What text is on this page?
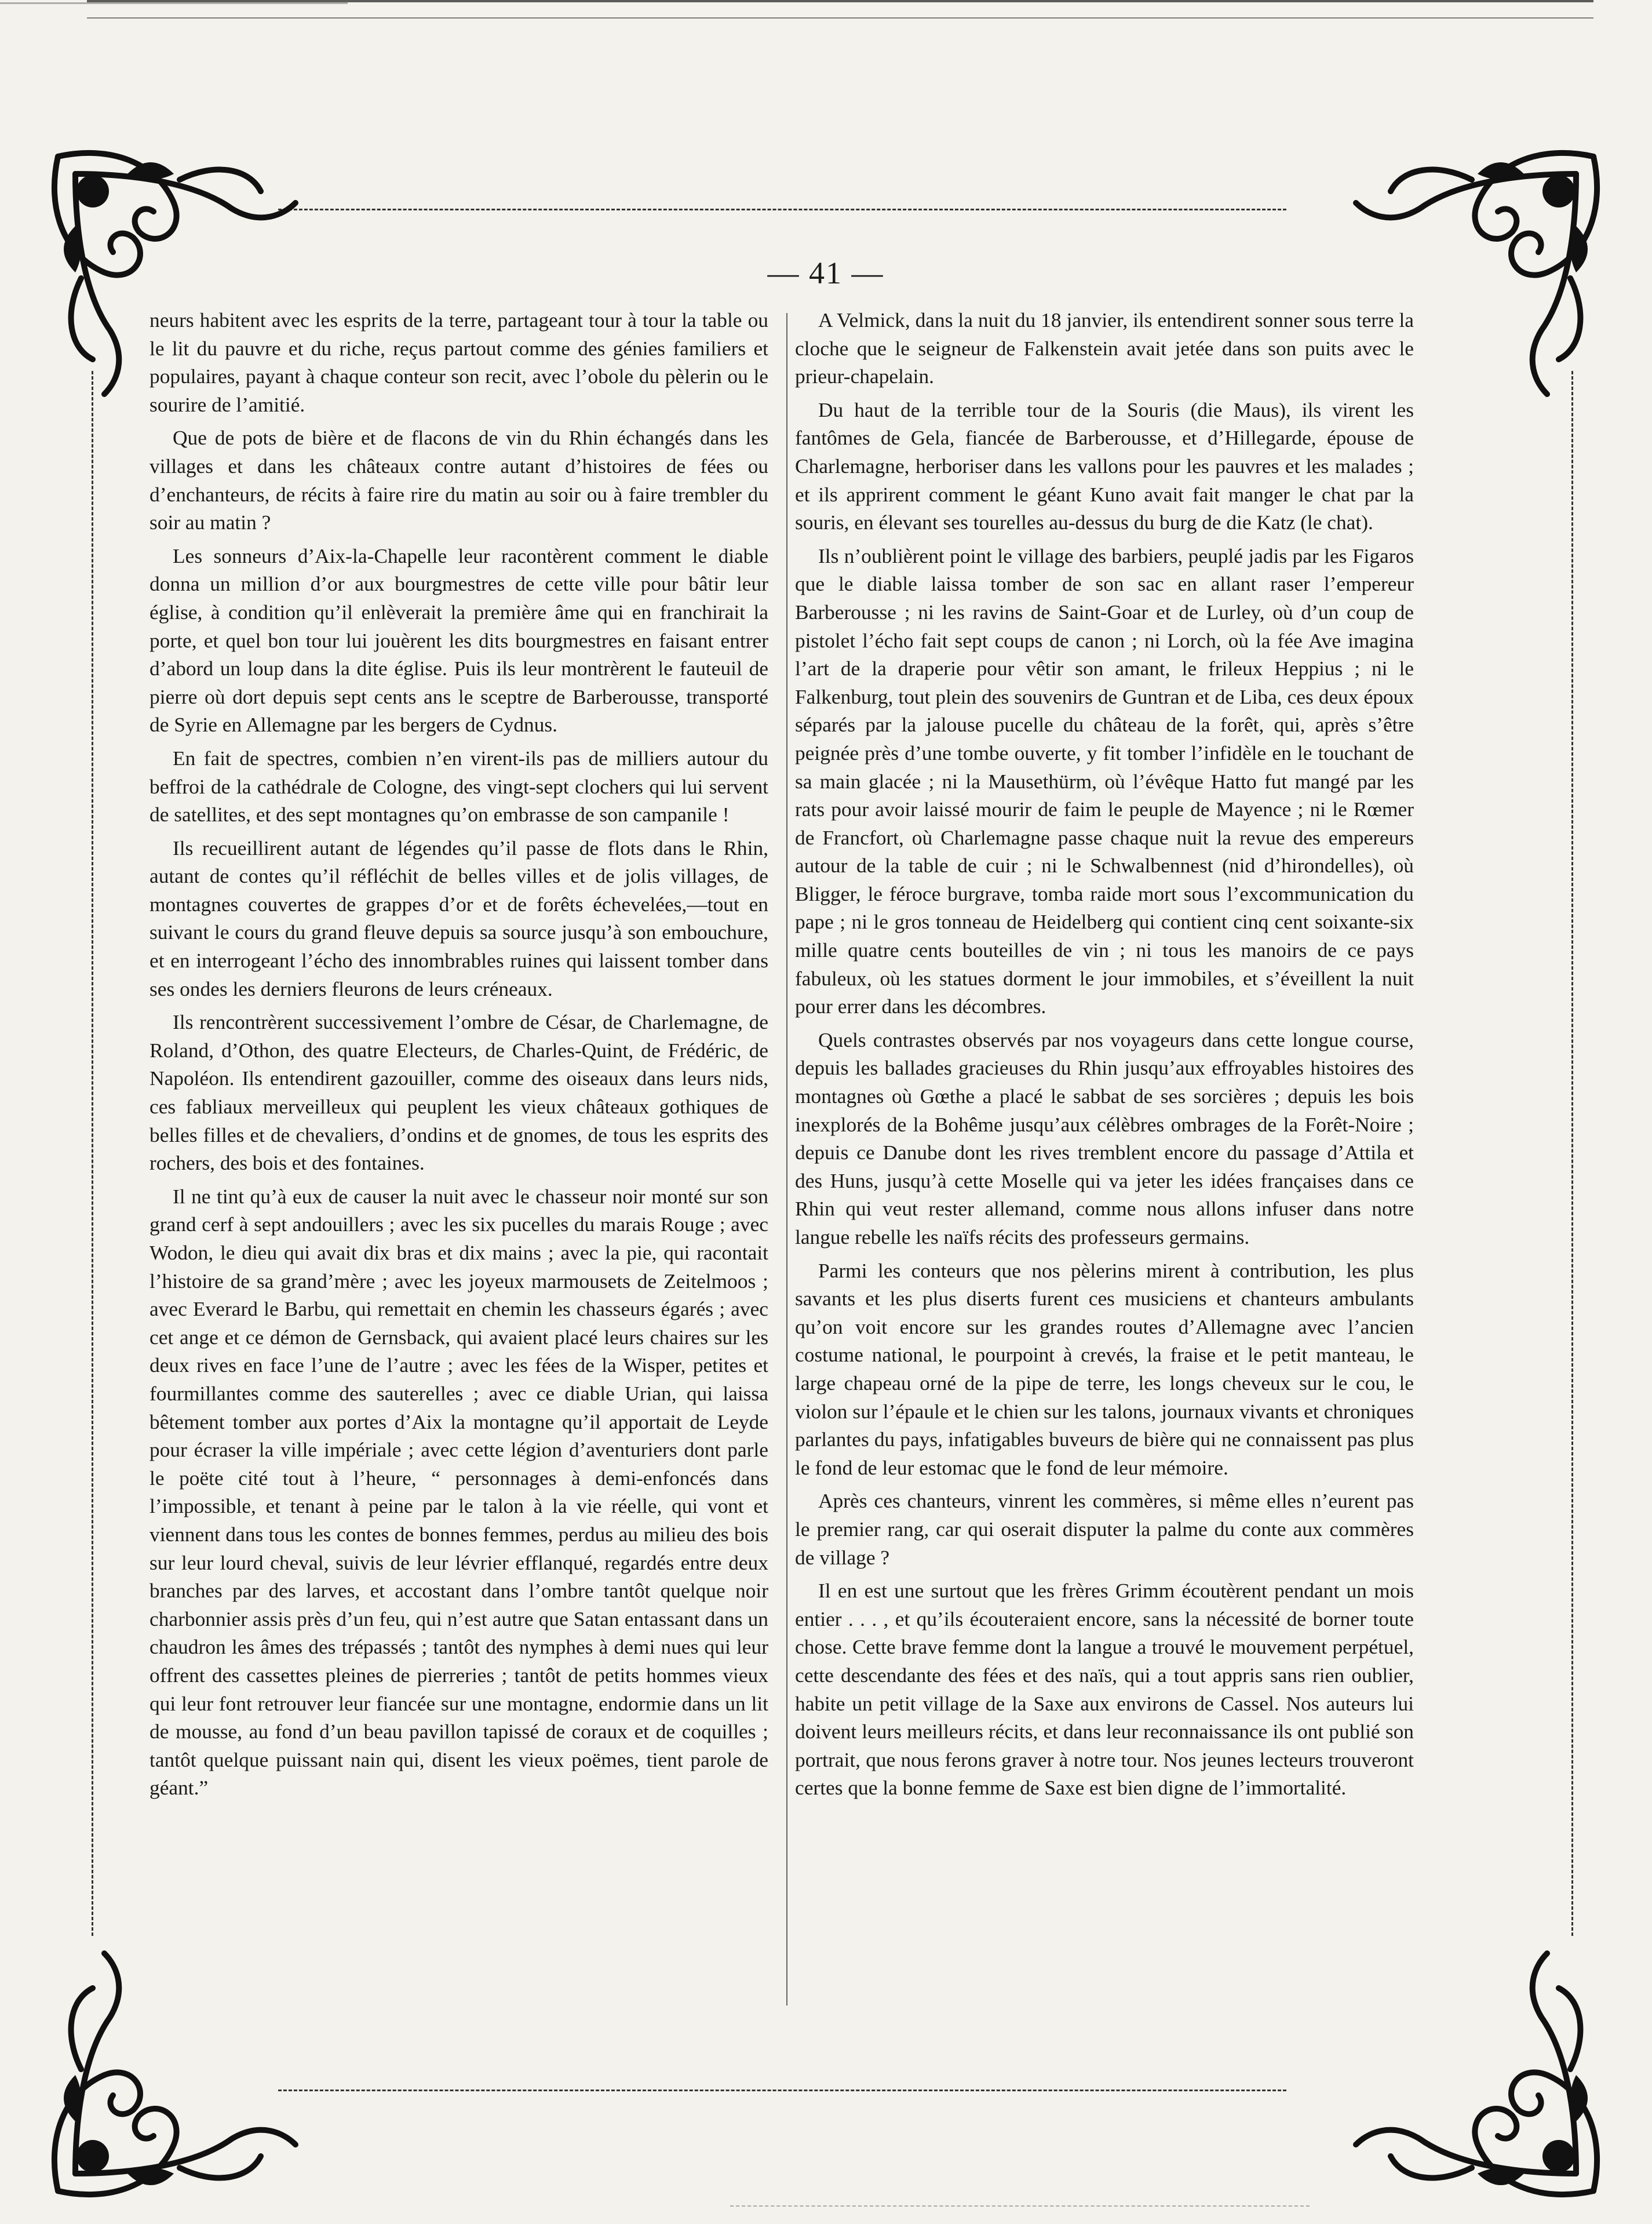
— 41 —

neurs habitent avec les esprits de la terre, partageant tour à tour la table ou le lit du pauvre et du riche, reçus partout comme des génies familiers et populaires, payant à chaque conteur son recit, avec l’obole du pèlerin ou le sourire de l’amitié.

Que de pots de bière et de flacons de vin du Rhin échangés dans les villages et dans les châteaux contre autant d’histoires de fées ou d’enchanteurs, de récits à faire rire du matin au soir ou à faire trembler du soir au matin ?

Les sonneurs d’Aix-la-Chapelle leur racontèrent comment le diable donna un million d’or aux bourgmestres de cette ville pour bâtir leur église, à condition qu’il enlèverait la première âme qui en franchirait la porte, et quel bon tour lui jouèrent les dits bourgmestres en faisant entrer d’abord un loup dans la dite église. Puis ils leur montrèrent le fauteuil de pierre où dort depuis sept cents ans le sceptre de Barberousse, transporté de Syrie en Allemagne par les bergers de Cydnus.

En fait de spectres, combien n’en virent-ils pas de milliers autour du beffroi de la cathédrale de Cologne, des vingt-sept clochers qui lui servent de satellites, et des sept montagnes qu’on embrasse de son campanile !

Ils recueillirent autant de légendes qu’il passe de flots dans le Rhin, autant de contes qu’il réfléchit de belles villes et de jolis villages, de montagnes couvertes de grappes d’or et de forêts échevelées,—tout en suivant le cours du grand fleuve depuis sa source jusqu’à son embouchure, et en interrogeant l’écho des innombrables ruines qui laissent tomber dans ses ondes les derniers fleurons de leurs créneaux.

Ils rencontrèrent successivement l’ombre de César, de Charlemagne, de Roland, d’Othon, des quatre Electeurs, de Charles-Quint, de Frédéric, de Napoléon. Ils entendirent gazouiller, comme des oiseaux dans leurs nids, ces fabliaux merveilleux qui peuplent les vieux châteaux gothiques de belles filles et de chevaliers, d’ondins et de gnomes, de tous les esprits des rochers, des bois et des fontaines.

Il ne tint qu’à eux de causer la nuit avec le chasseur noir monté sur son grand cerf à sept andouillers ; avec les six pucelles du marais Rouge ; avec Wodon, le dieu qui avait dix bras et dix mains ; avec la pie, qui racontait l’histoire de sa grand’mère ; avec les joyeux marmousets de Zeitelmoos ; avec Everard le Barbu, qui remettait en chemin les chasseurs égarés ; avec cet ange et ce démon de Gernsback, qui avaient placé leurs chaires sur les deux rives en face l’une de l’autre ; avec les fées de la Wisper, petites et fourmillantes comme des sauterelles ; avec ce diable Urian, qui laissa bêtement tomber aux portes d’Aix la montagne qu’il apportait de Leyde pour écraser la ville impériale ; avec cette légion d’aventuriers dont parle le poëte cité tout à l’heure, “ personnages à demi-enfoncés dans l’impossible, et tenant à peine par le talon à la vie réelle, qui vont et viennent dans tous les contes de bonnes femmes, perdus au milieu des bois sur leur lourd cheval, suivis de leur lévrier efflanqué, regardés entre deux branches par des larves, et accostant dans l’ombre tantôt quelque noir charbonnier assis près d’un feu, qui n’est autre que Satan entassant dans un chaudron les âmes des trépassés ; tantôt des nymphes à demi nues qui leur offrent des cassettes pleines de pierreries ; tantôt de petits hommes vieux qui leur font retrouver leur fiancée sur une montagne, endormie dans un lit de mousse, au fond d’un beau pavillon tapissé de coraux et de coquilles ; tantôt quelque puissant nain qui, disent les vieux poëmes, tient parole de géant.”

A Velmick, dans la nuit du 18 janvier, ils entendirent sonner sous terre la cloche que le seigneur de Falkenstein avait jetée dans son puits avec le prieur-chapelain.

Du haut de la terrible tour de la Souris (die Maus), ils virent les fantômes de Gela, fiancée de Barberousse, et d’Hillegarde, épouse de Charlemagne, herboriser dans les vallons pour les pauvres et les malades ; et ils apprirent comment le géant Kuno avait fait manger le chat par la souris, en élevant ses tourelles au-dessus du burg de die Katz (le chat).

Ils n’oublièrent point le village des barbiers, peuplé jadis par les Figaros que le diable laissa tomber de son sac en allant raser l’empereur Barberousse ; ni les ravins de Saint-Goar et de Lurley, où d’un coup de pistolet l’écho fait sept coups de canon ; ni Lorch, où la fée Ave imagina l’art de la draperie pour vêtir son amant, le frileux Heppius ; ni le Falkenburg, tout plein des souvenirs de Guntran et de Liba, ces deux époux séparés par la jalouse pucelle du château de la forêt, qui, après s’être peignée près d’une tombe ouverte, y fit tomber l’infidèle en le touchant de sa main glacée ; ni la Mausethürm, où l’évêque Hatto fut mangé par les rats pour avoir laissé mourir de faim le peuple de Mayence ; ni le Rœmer de Francfort, où Charlemagne passe chaque nuit la revue des empereurs autour de la table de cuir ; ni le Schwalbennest (nid d’hirondelles), où Bligger, le féroce burgrave, tomba raide mort sous l’excommunication du pape ; ni le gros tonneau de Heidelberg qui contient cinq cent soixante-six mille quatre cents bouteilles de vin ; ni tous les manoirs de ce pays fabuleux, où les statues dorment le jour immobiles, et s’éveillent la nuit pour errer dans les décombres.

Quels contrastes observés par nos voyageurs dans cette longue course, depuis les ballades gracieuses du Rhin jusqu’aux effroyables histoires des montagnes où Gœthe a placé le sabbat de ses sorcières ; depuis les bois inexplorés de la Bohême jusqu’aux célèbres ombrages de la Forêt-Noire ; depuis ce Danube dont les rives tremblent encore du passage d’Attila et des Huns, jusqu’à cette Moselle qui va jeter les idées françaises dans ce Rhin qui veut rester allemand, comme nous allons infuser dans notre langue rebelle les naïfs récits des professeurs germains.

Parmi les conteurs que nos pèlerins mirent à contribution, les plus savants et les plus diserts furent ces musiciens et chanteurs ambulants qu’on voit encore sur les grandes routes d’Allemagne avec l’ancien costume national, le pourpoint à crevés, la fraise et le petit manteau, le large chapeau orné de la pipe de terre, les longs cheveux sur le cou, le violon sur l’épaule et le chien sur les talons, journaux vivants et chroniques parlantes du pays, infatigables buveurs de bière qui ne connaissent pas plus le fond de leur estomac que le fond de leur mémoire.

Après ces chanteurs, vinrent les commères, si même elles n’eurent pas le premier rang, car qui oserait disputer la palme du conte aux commères de village ?

Il en est une surtout que les frères Grimm écoutèrent pendant un mois entier . . . , et qu’ils écouteraient encore, sans la nécessité de borner toute chose. Cette brave femme dont la langue a trouvé le mouvement perpétuel, cette descendante des fées et des naïs, qui a tout appris sans rien oublier, habite un petit village de la Saxe aux environs de Cassel. Nos auteurs lui doivent leurs meilleurs récits, et dans leur reconnaissance ils ont publié son portrait, que nous ferons graver à notre tour. Nos jeunes lecteurs trouveront certes que la bonne femme de Saxe est bien digne de l’immortalité.
